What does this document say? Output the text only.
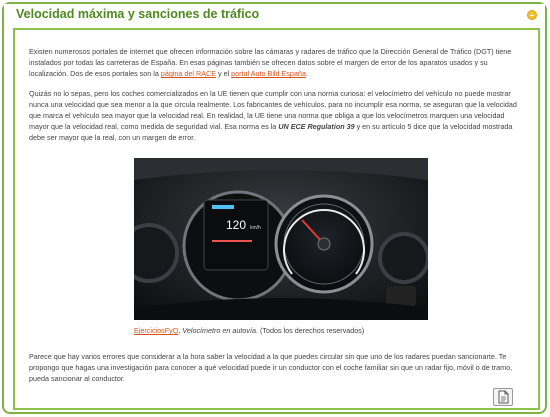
Velocidad máxima y sanciones de tráfico
Existen numerosos portales de internet que ofrecen información sobre las cámaras y radares de tráfico que la Dirección General de Tráfico (DGT) tiene instalados por todas las carreteras de España. En esas páginas también se ofrecen datos sobre el margen de error de los aparatos usados y su localización. Dos de esos portales son la página del RACE y el portal Auto Bild España.
Quizás no lo sepas, pero los coches comercializados en la UE tienen que cumplir con una norma curiosa: el velocímetro del vehículo no puede mostrar nunca una velocidad que sea menor a la que circula realmente. Los fabricantes de vehículos, para no incumplir esa norma, se aseguran que la velocidad que marca el vehículo sea mayor que la velocidad real. En realidad, la UE tiene una norma que obliga a que los velocímetros marquen una velocidad mayor que la velocidad real, como medida de seguridad vial. Esa norma es la UN ECE Regulation 39 y en su artículo 5 dice que la velocidad mostrada debe ser mayor que la real, con un margen de error.
120 km/h
EjerciciosFyQ. Velocímetro en autovía. (Todos los derechos reservados)
Parece que hay varios errores que considerar a la hora saber la velocidad a la que puedes circular sin que uno de los radares puedan sancionarte. Te propongo que hagas una investigación para conocer a qué velocidad puede ir un conductor con el coche familiar sin que un radar fijo, móvil o de tramo, pueda sancionar al conductor.
